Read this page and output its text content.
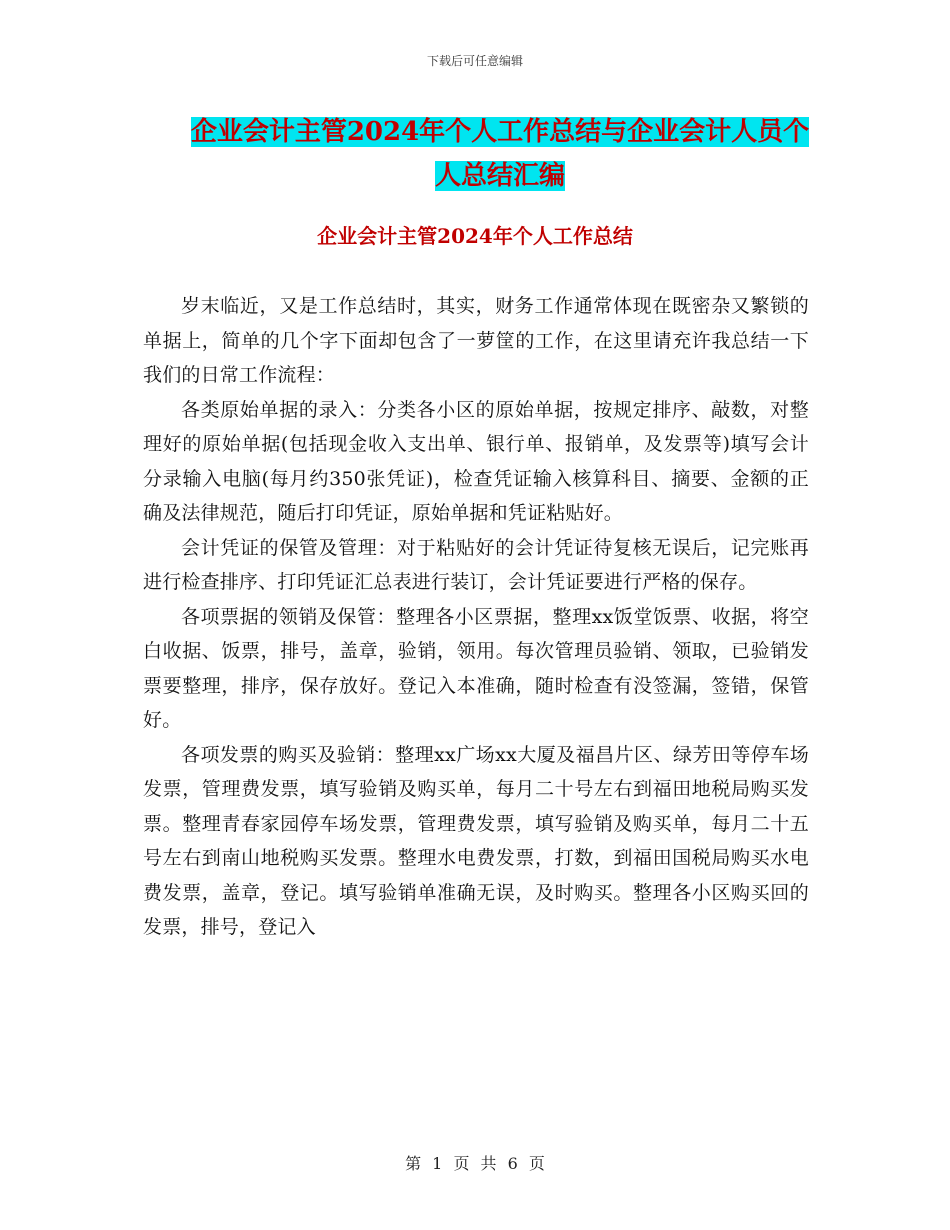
下载后可任意编辑
企业会计主管2024年个人工作总结与企业会计人员个
人总结汇编
企业会计主管2024年个人工作总结

岁末临近，又是工作总结时，其实，财务工作通常体现在既密杂又繁锁的单据上，简单的几个字下面却包含了一萝筐的工作，在这里请充许我总结一下我们的日常工作流程：

各类原始单据的录入：分类各小区的原始单据，按规定排序、敲数，对整理好的原始单据(包括现金收入支出单、银行单、报销单，及发票等)填写会计分录输入电脑(每月约350张凭证)，检查凭证输入核算科目、摘要、金额的正确及法律规范，随后打印凭证，原始单据和凭证粘贴好。

会计凭证的保管及管理：对于粘贴好的会计凭证待复核无误后，记完账再进行检查排序、打印凭证汇总表进行装订，会计凭证要进行严格的保存。

各项票据的领销及保管：整理各小区票据，整理xx饭堂饭票、收据，将空白收据、饭票，排号，盖章，验销，领用。每次管理员验销、领取，已验销发票要整理，排序，保存放好。登记入本准确，随时检查有没签漏，签错，保管好。

各项发票的购买及验销：整理xx广场xx大厦及福昌片区、绿芳田等停车场发票，管理费发票，填写验销及购买单，每月二十号左右到福田地税局购买发票。整理青春家园停车场发票，管理费发票，填写验销及购买单，每月二十五号左右到南山地税购买发票。整理水电费发票，打数，到福田国税局购买水电费发票，盖章，登记。填写验销单准确无误，及时购买。整理各小区购买回的发票，排号，登记入

第 1 页 共 6 页
